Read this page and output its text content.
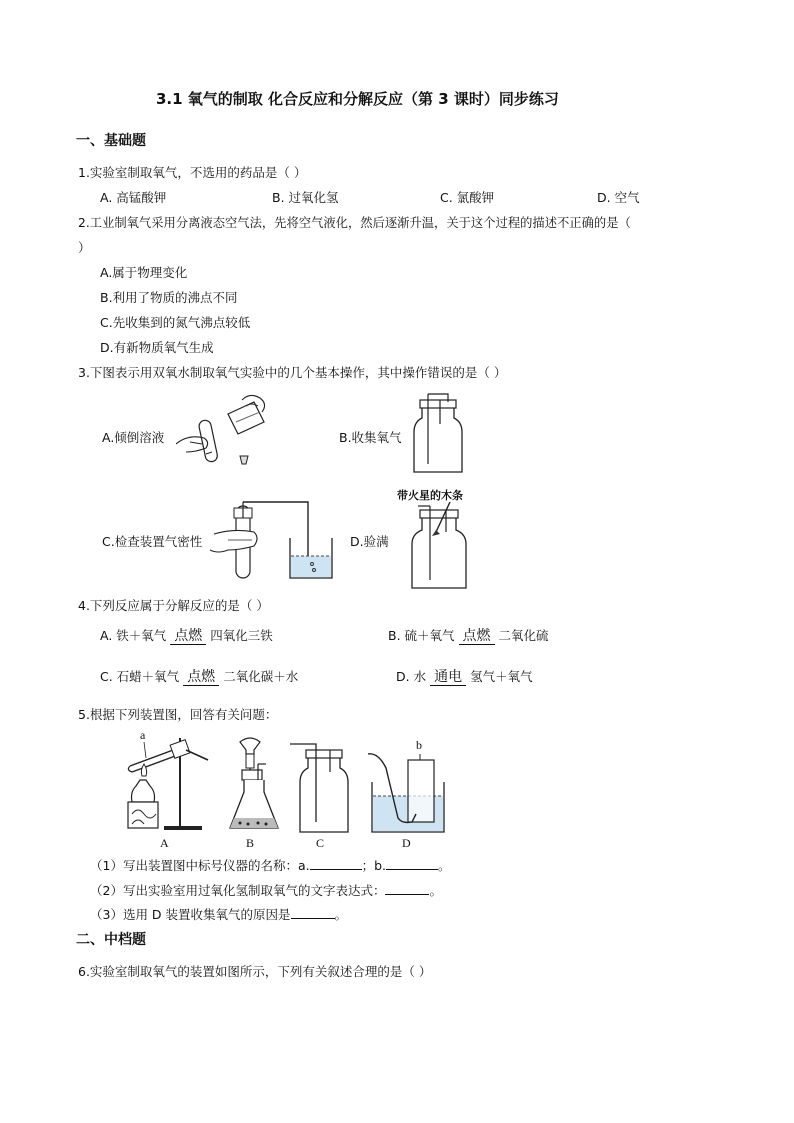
3.1 氧气的制取 化合反应和分解反应（第 3 课时）同步练习
一、基础题
1.实验室制取氧气，不选用的药品是（ ）
A. 高锰酸钾	B. 过氧化氢	C. 氯酸钾	D. 空气
2.工业制氧气采用分离液态空气法，先将空气液化，然后逐渐升温，关于这个过程的描述不正确的是（
）
A.属于物理变化
B.利用了物质的沸点不同
C.先收集到的氮气沸点较低
D.有新物质氧气生成
3.下图表示用双氧水制取氧气实验中的几个基本操作，其中操作错误的是（ ）
A.倾倒溶液	B.收集氧气
C.检查装置气密性	D.验满
带火星的木条
4.下列反应属于分解反应的是（ ）
A. 铁＋氧气 点燃 四氧化三铁	B. 硫＋氧气 点燃 二氧化硫
C. 石蜡＋氧气 点燃 二氧化碳＋水	D. 水 通电 氢气＋氧气
5.根据下列装置图，回答有关问题：
a
A	B	C
b
D
（1）写出装置图中标号仪器的名称：a.	；b.	。
（2）写出实验室用过氧化氢制取氧气的文字表达式：	。
（3）选用 D 装置收集氧气的原因是	。
二、中档题
6.实验室制取氧气的装置如图所示，下列有关叙述合理的是（ ）
